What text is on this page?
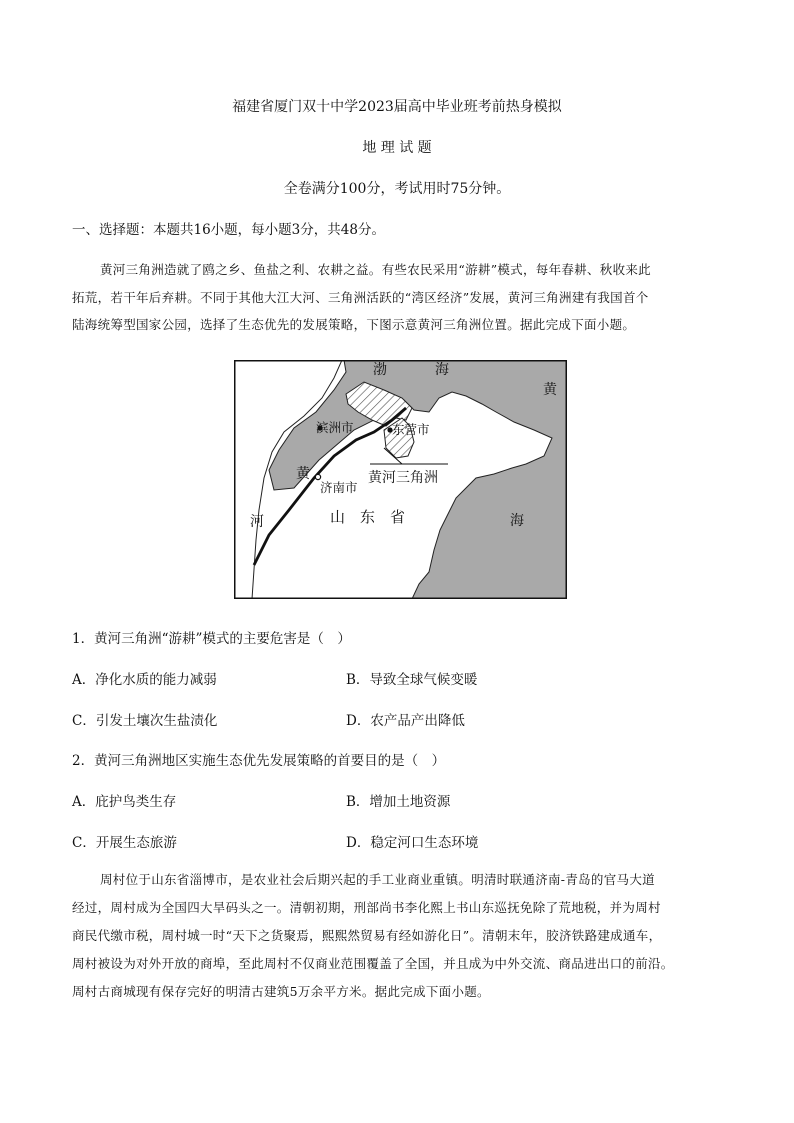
福建省厦门双十中学2023届高中毕业班考前热身模拟
地 理 试 题
全卷满分100分，考试用时75分钟。
一、选择题：本题共16小题，每小题3分，共48分。
黄河三角洲造就了鸥之乡、鱼盐之利、农耕之益。有些农民采用“游耕”模式，每年春耕、秋收来此
拓荒，若干年后弃耕。不同于其他大江大河、三角洲活跃的“湾区经济”发展，黄河三角洲建有我国首个
陆海统筹型国家公园，选择了生态优先的发展策略，下图示意黄河三角洲位置。据此完成下面小题。
渤	海
黄
海
滨洲市	东营市
黄河三角洲
黄
河
济南市
山　东　省
1．黄河三角洲“游耕”模式的主要危害是（　）
A．净化水质的能力减弱	B．导致全球气候变暖
C．引发土壤次生盐渍化	D．农产品产出降低
2．黄河三角洲地区实施生态优先发展策略的首要目的是（　）
A．庇护鸟类生存	B．增加土地资源
C．开展生态旅游	D．稳定河口生态环境
周村位于山东省淄博市，是农业社会后期兴起的手工业商业重镇。明清时联通济南-青岛的官马大道
经过，周村成为全国四大旱码头之一。清朝初期，刑部尚书李化熙上书山东巡抚免除了荒地税，并为周村
商民代缴市税，周村城一时“天下之货聚焉，熙熙然贸易有经如游化日”。清朝末年，胶济铁路建成通车，
周村被设为对外开放的商埠，至此周村不仅商业范围覆盖了全国，并且成为中外交流、商品进出口的前沿。
周村古商城现有保存完好的明清古建筑5万余平方米。据此完成下面小题。
